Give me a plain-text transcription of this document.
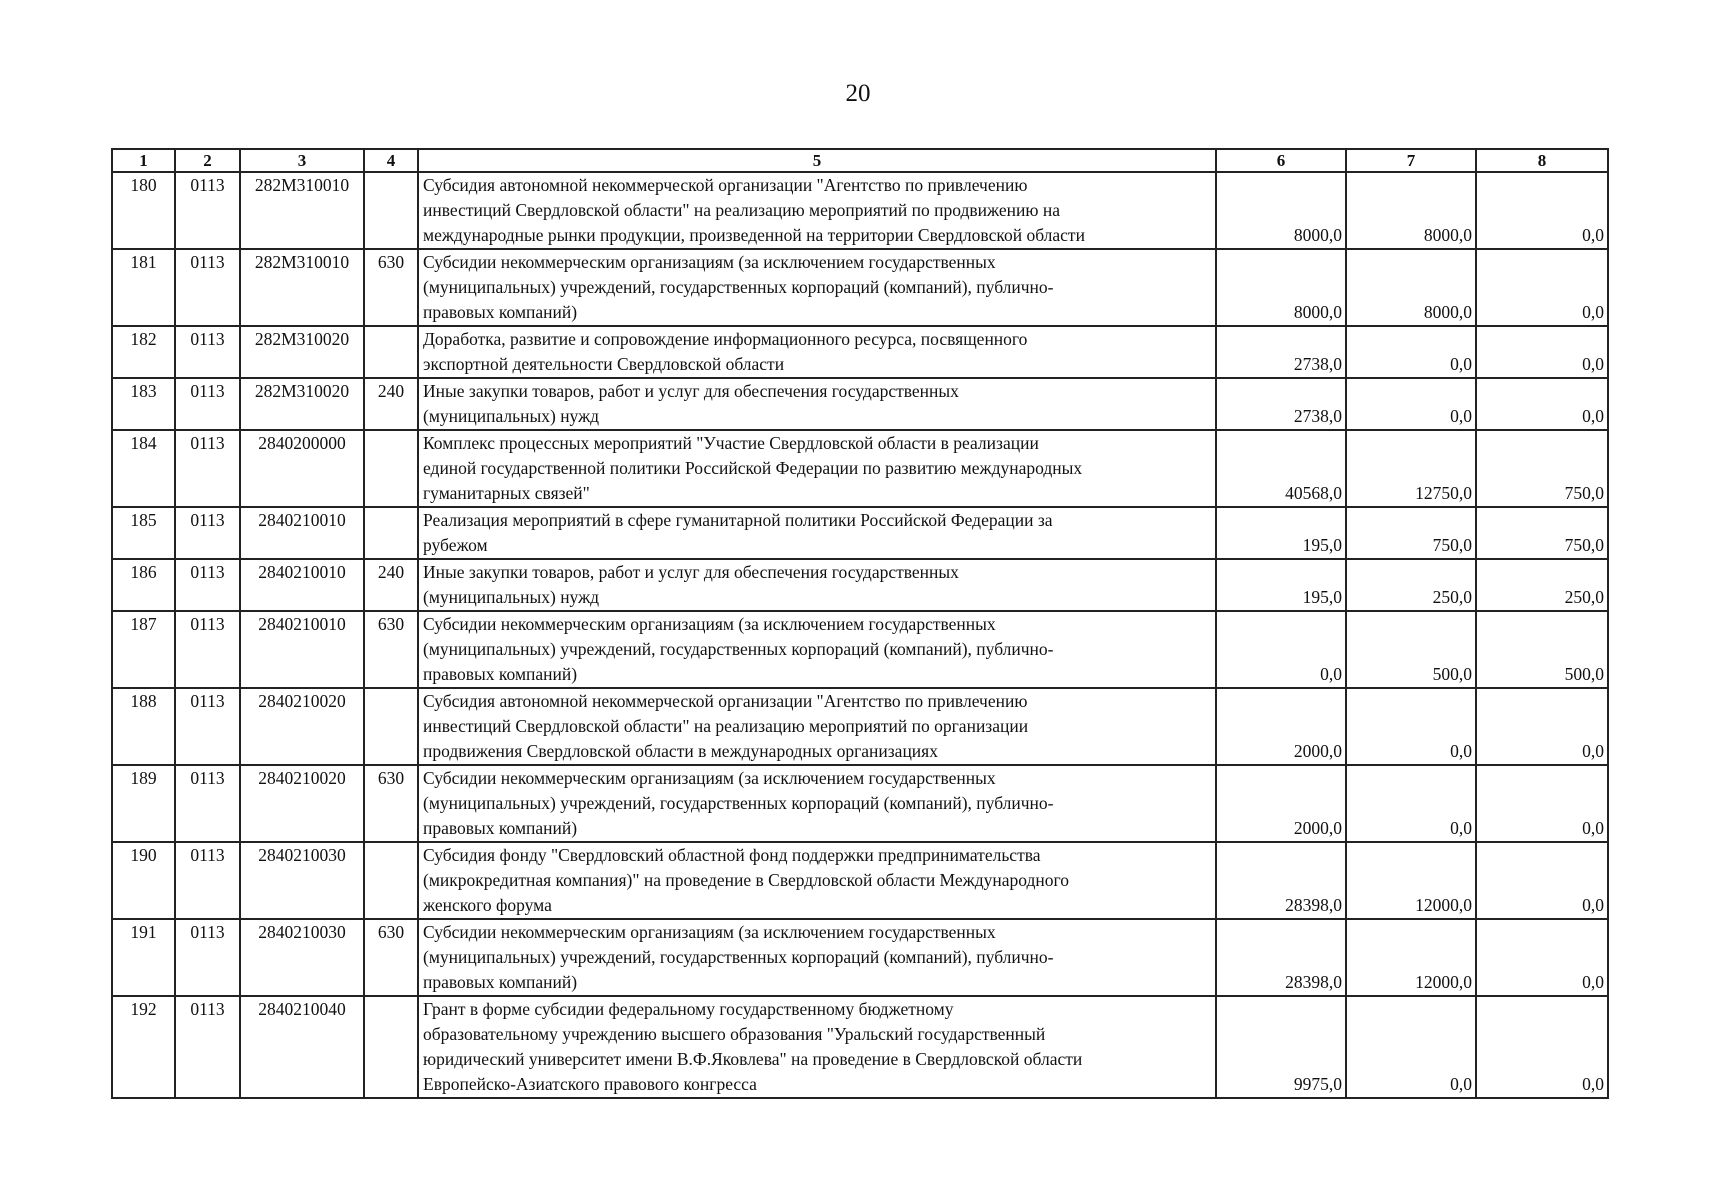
20
1	2	3	4	5	6	7	8
180	0113	282M310010		Субсидия автономной некоммерческой организации "Агентство по привлечению
инвестиций Свердловской области" на реализацию мероприятий по продвижению на
международные рынки продукции, произведенной на территории Свердловской области	8000,0	8000,0	0,0
181	0113	282M310010	630	Субсидии некоммерческим организациям (за исключением государственных
(муниципальных) учреждений, государственных корпораций (компаний), публично-
правовых компаний)	8000,0	8000,0	0,0
182	0113	282M310020		Доработка, развитие и сопровождение информационного ресурса, посвященного
экспортной деятельности Свердловской области	2738,0	0,0	0,0
183	0113	282M310020	240	Иные закупки товаров, работ и услуг для обеспечения государственных
(муниципальных) нужд	2738,0	0,0	0,0
184	0113	2840200000		Комплекс процессных мероприятий "Участие Свердловской области в реализации
единой государственной политики Российской Федерации по развитию международных
гуманитарных связей"	40568,0	12750,0	750,0
185	0113	2840210010		Реализация мероприятий в сфере гуманитарной политики Российской Федерации за
рубежом	195,0	750,0	750,0
186	0113	2840210010	240	Иные закупки товаров, работ и услуг для обеспечения государственных
(муниципальных) нужд	195,0	250,0	250,0
187	0113	2840210010	630	Субсидии некоммерческим организациям (за исключением государственных
(муниципальных) учреждений, государственных корпораций (компаний), публично-
правовых компаний)	0,0	500,0	500,0
188	0113	2840210020		Субсидия автономной некоммерческой организации "Агентство по привлечению
инвестиций Свердловской области" на реализацию мероприятий по организации
продвижения Свердловской области в международных организациях	2000,0	0,0	0,0
189	0113	2840210020	630	Субсидии некоммерческим организациям (за исключением государственных
(муниципальных) учреждений, государственных корпораций (компаний), публично-
правовых компаний)	2000,0	0,0	0,0
190	0113	2840210030		Субсидия фонду "Свердловский областной фонд поддержки предпринимательства
(микрокредитная компания)" на проведение в Свердловской области Международного
женского форума	28398,0	12000,0	0,0
191	0113	2840210030	630	Субсидии некоммерческим организациям (за исключением государственных
(муниципальных) учреждений, государственных корпораций (компаний), публично-
правовых компаний)	28398,0	12000,0	0,0
192	0113	2840210040		Грант в форме субсидии федеральному государственному бюджетному
образовательному учреждению высшего образования "Уральский государственный
юридический университет имени В.Ф.Яковлева" на проведение в Свердловской области
Европейско-Азиатского правового конгресса	9975,0	0,0	0,0
